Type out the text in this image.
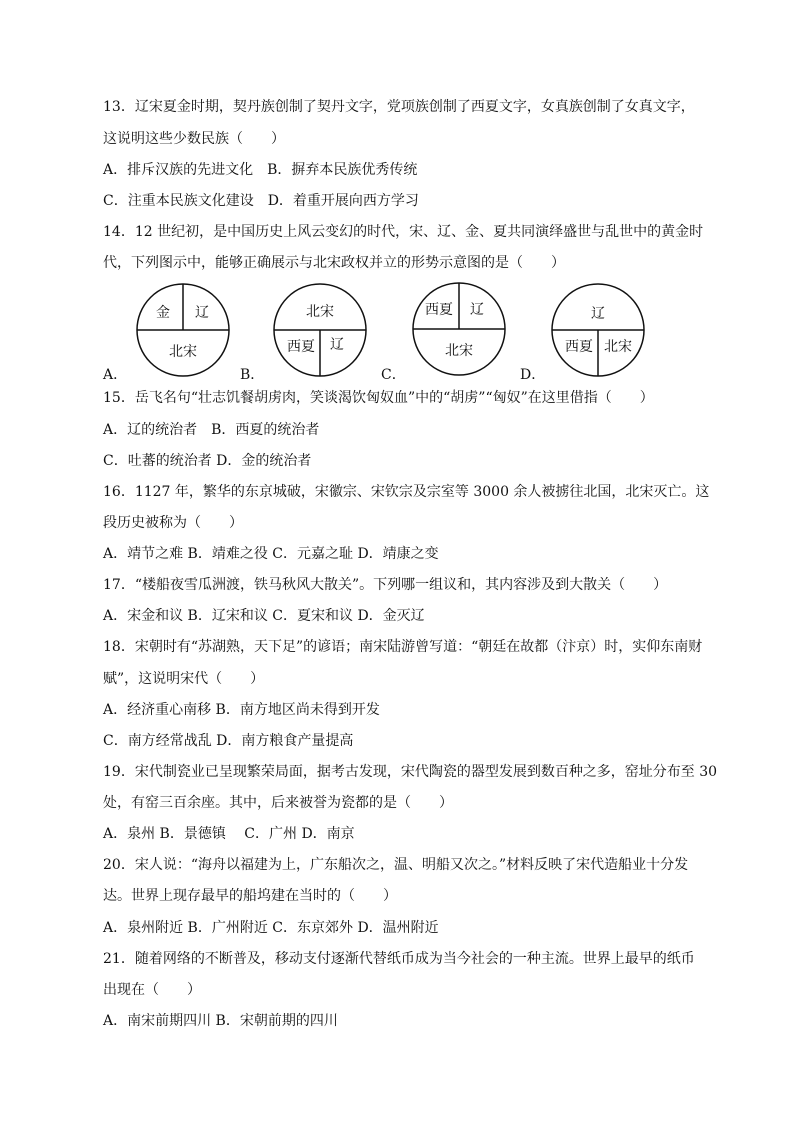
13．辽宋夏金时期，契丹族创制了契丹文字，党项族创制了西夏文字，女真族创制了女真文字，
这说明这些少数民族（　　）
A．排斥汉族的先进文化　B．摒弃本民族优秀传统
C．注重本民族文化建设　D．着重开展向西方学习
14．12 世纪初，是中国历史上风云变幻的时代，宋、辽、金、夏共同演绎盛世与乱世中的黄金时
代，下列图示中，能够正确展示与北宋政权并立的形势示意图的是（　　）
金 辽
北宋
北宋
西夏 辽
西夏 辽
北宋
辽
西夏 北宋
A．	B．	C．	D．
15．岳飞名句“壮志饥餐胡虏肉，笑谈渴饮匈奴血”中的“胡虏”“匈奴”在这里借指（　　）
A．辽的统治者　B．西夏的统治者
C．吐蕃的统治者 D．金的统治者
16．1127 年，繁华的东京城破，宋徽宗、宋钦宗及宗室等 3000 余人被掳往北国，北宋灭亡。这
段历史被称为（　　）
A．靖节之难 B．靖难之役 C．元嘉之耻 D．靖康之变
17．“楼船夜雪瓜洲渡，铁马秋风大散关”。下列哪一组议和，其内容涉及到大散关（　　）
A．宋金和议 B．辽宋和议 C．夏宋和议 D．金灭辽
18．宋朝时有“苏湖熟，天下足”的谚语；南宋陆游曾写道：“朝廷在故都（汴京）时，实仰东南财
赋”，这说明宋代（　　）
A．经济重心南移 B．南方地区尚未得到开发
C．南方经常战乱 D．南方粮食产量提高
19．宋代制瓷业已呈现繁荣局面，据考古发现，宋代陶瓷的器型发展到数百种之多，窑址分布至 30
处，有窑三百余座。其中，后来被誉为瓷都的是（　　）
A．泉州 B．景德镇　 C．广州 D．南京
20．宋人说：“海舟以福建为上，广东船次之，温、明船又次之。”材料反映了宋代造船业十分发
达。世界上现存最早的船坞建在当时的（　　）
A．泉州附近 B．广州附近 C．东京郊外 D．温州附近
21．随着网络的不断普及，移动支付逐渐代替纸币成为当今社会的一种主流。世界上最早的纸币
出现在（　　）
A．南宋前期四川 B．宋朝前期的四川
